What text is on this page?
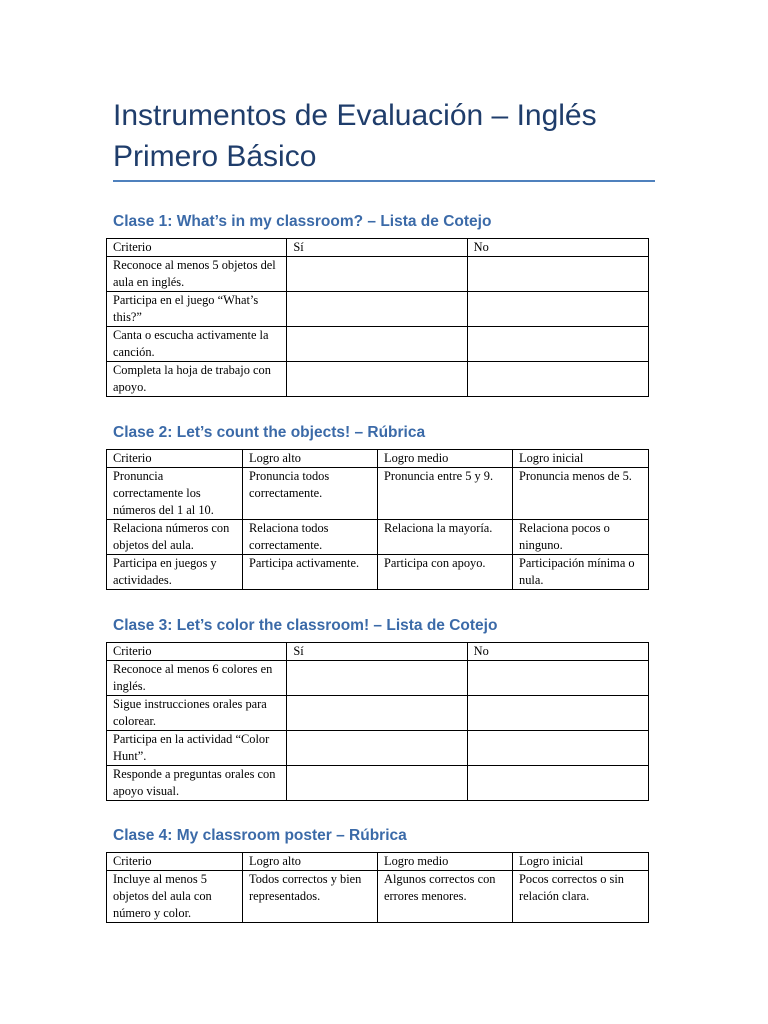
Instrumentos de Evaluación – Inglés
Primero Básico
Clase 1: What’s in my classroom? – Lista de Cotejo
Criterio	Sí	No
Reconoce al menos 5 objetos del aula en inglés.		
Participa en el juego “What’s this?”		
Canta o escucha activamente la canción.		
Completa la hoja de trabajo con apoyo.		
Clase 2: Let’s count the objects! – Rúbrica
Criterio	Logro alto	Logro medio	Logro inicial
Pronuncia correctamente los números del 1 al 10.	Pronuncia todos correctamente.	Pronuncia entre 5 y 9.	Pronuncia menos de 5.
Relaciona números con objetos del aula.	Relaciona todos correctamente.	Relaciona la mayoría.	Relaciona pocos o ninguno.
Participa en juegos y actividades.	Participa activamente.	Participa con apoyo.	Participación mínima o nula.
Clase 3: Let’s color the classroom! – Lista de Cotejo
Criterio	Sí	No
Reconoce al menos 6 colores en inglés.		
Sigue instrucciones orales para colorear.		
Participa en la actividad “Color Hunt”.		
Responde a preguntas orales con apoyo visual.		
Clase 4: My classroom poster – Rúbrica
Criterio	Logro alto	Logro medio	Logro inicial
Incluye al menos 5 objetos del aula con número y color.	Todos correctos y bien representados.	Algunos correctos con errores menores.	Pocos correctos o sin relación clara.
